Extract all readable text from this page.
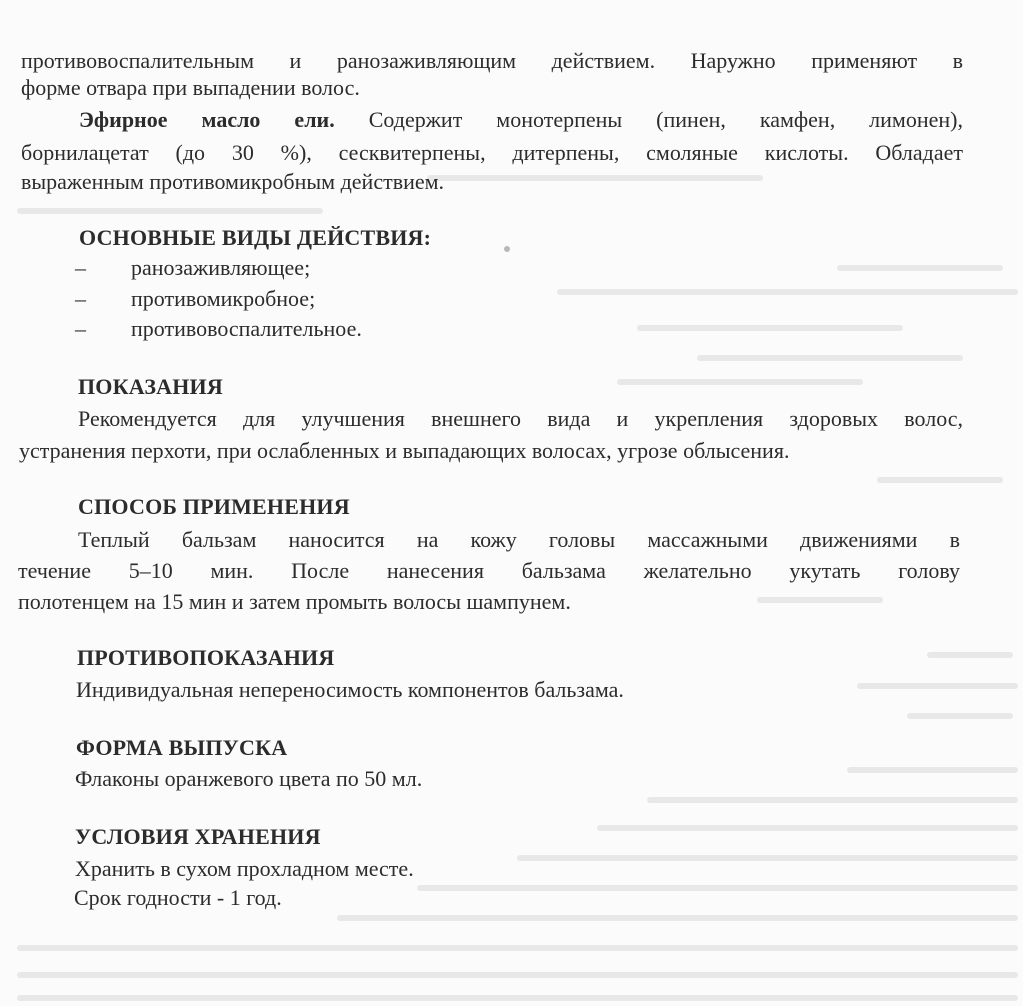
противовоспалительным и ранозаживляющим действием. Наружно применяют в

форме отвара при выпадении волос.

Эфирное масло ели. Содержит монотерпены (пинен, камфен, лимонен),

борнилацетат (до 30 %), сесквитерпены, дитерпены, смоляные кислоты. Обладает

выраженным противомикробным действием.

ОСНОВНЫЕ ВИДЫ ДЕЙСТВИЯ:
– ранозаживляющее;

– противомикробное;

– противовоспалительное.

ПОКАЗАНИЯ

Рекомендуется для улучшения внешнего вида и укрепления здоровых волос,

устранения перхоти, при ослабленных и выпадающих волосах, угрозе облысения.

СПОСОБ ПРИМЕНЕНИЯ

Теплый бальзам наносится на кожу головы массажными движениями в

течение 5–10 мин. После нанесения бальзама желательно укутать голову

полотенцем на 15 мин и затем промыть волосы шампунем.

ПРОТИВОПОКАЗАНИЯ

Индивидуальная непереносимость компонентов бальзама.

ФОРМА ВЫПУСКА

Флаконы оранжевого цвета по 50 мл.

УСЛОВИЯ ХРАНЕНИЯ

Хранить в сухом прохладном месте.

Срок годности - 1 год.
